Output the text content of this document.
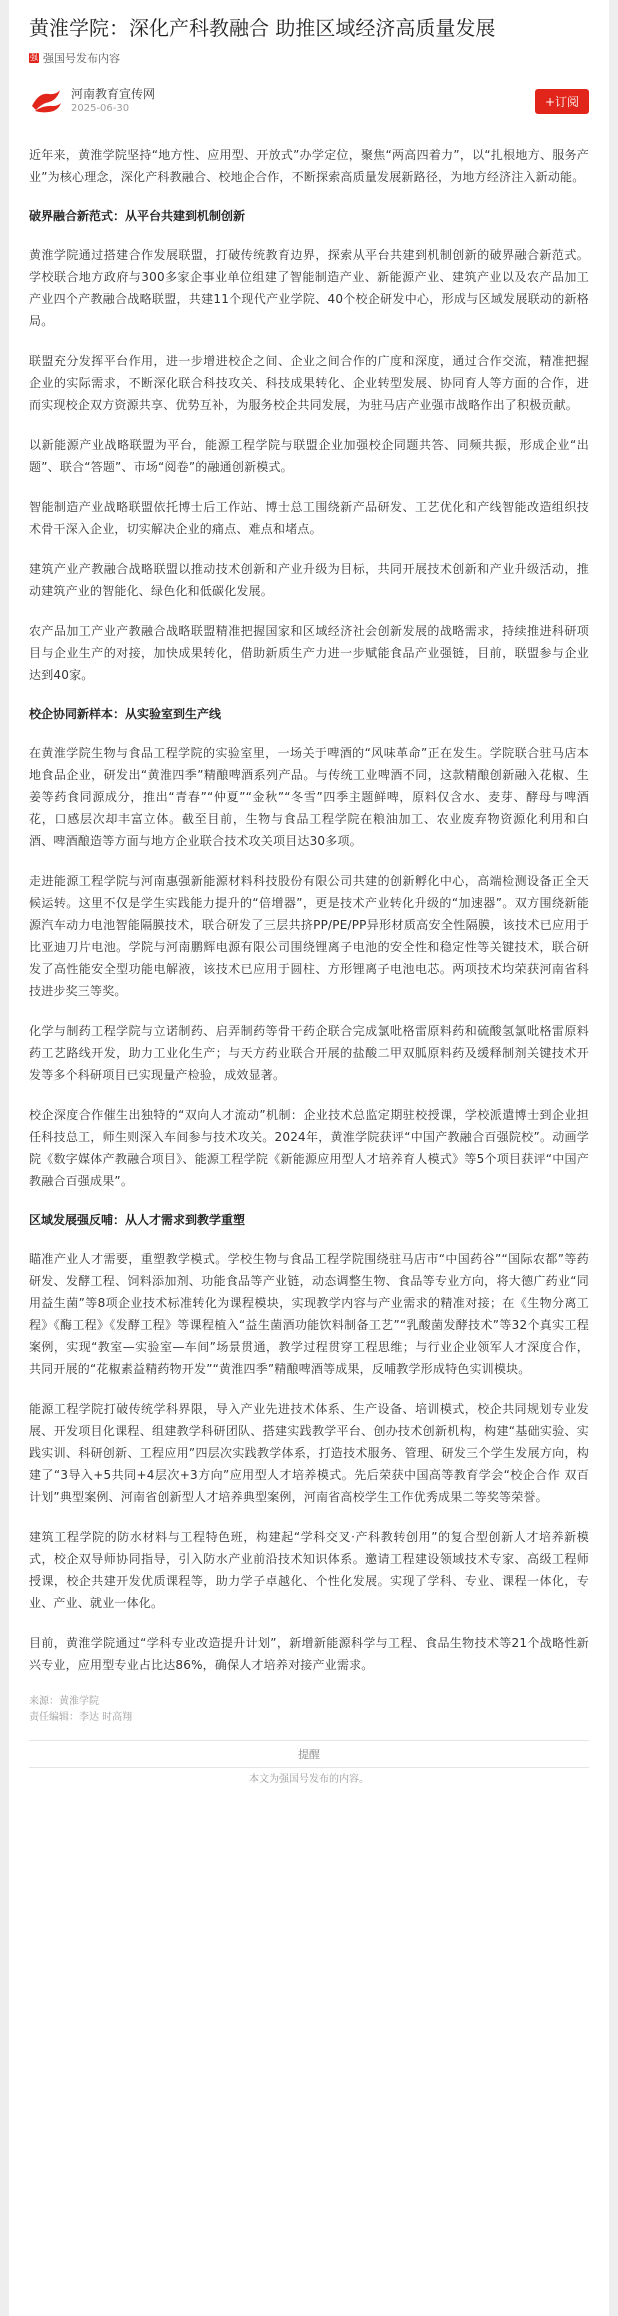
黄淮学院：深化产科教融合 助推区域经济高质量发展
强 强国号发布内容
河南教育宣传网
2025-06-30	+订阅

近年来，黄淮学院坚持“地方性、应用型、开放式”办学定位，聚焦“两高四着力”，以“扎根地方、服务产业”为核心理念，深化产科教融合、校地企合作，不断探索高质量发展新路径，为地方经济注入新动能。

破界融合新范式：从平台共建到机制创新

黄淮学院通过搭建合作发展联盟，打破传统教育边界，探索从平台共建到机制创新的破界融合新范式。学校联合地方政府与300多家企事业单位组建了智能制造产业、新能源产业、建筑产业以及农产品加工产业四个产教融合战略联盟，共建11个现代产业学院、40个校企研发中心，形成与区域发展联动的新格局。

联盟充分发挥平台作用，进一步增进校企之间、企业之间合作的广度和深度，通过合作交流，精准把握企业的实际需求，不断深化联合科技攻关、科技成果转化、企业转型发展、协同育人等方面的合作，进而实现校企双方资源共享、优势互补，为服务校企共同发展，为驻马店产业强市战略作出了积极贡献。

以新能源产业战略联盟为平台，能源工程学院与联盟企业加强校企同题共答、同频共振，形成企业“出题”、联合“答题”、市场“阅卷”的融通创新模式。

智能制造产业战略联盟依托博士后工作站、博士总工围绕新产品研发、工艺优化和产线智能改造组织技术骨干深入企业，切实解决企业的痛点、难点和堵点。

建筑产业产教融合战略联盟以推动技术创新和产业升级为目标，共同开展技术创新和产业升级活动，推动建筑产业的智能化、绿色化和低碳化发展。

农产品加工产业产教融合战略联盟精准把握国家和区域经济社会创新发展的战略需求，持续推进科研项目与企业生产的对接，加快成果转化，借助新质生产力进一步赋能食品产业强链，目前，联盟参与企业达到40家。

校企协同新样本：从实验室到生产线

在黄淮学院生物与食品工程学院的实验室里，一场关于啤酒的“风味革命”正在发生。学院联合驻马店本地食品企业，研发出“黄淮四季”精酿啤酒系列产品。与传统工业啤酒不同，这款精酿创新融入花椒、生姜等药食同源成分，推出“青春”“仲夏”“金秋”“冬雪”四季主题鲜啤，原料仅含水、麦芽、酵母与啤酒花，口感层次却丰富立体。截至目前，生物与食品工程学院在粮油加工、农业废弃物资源化利用和白酒、啤酒酿造等方面与地方企业联合技术攻关项目达30多项。

走进能源工程学院与河南惠强新能源材料科技股份有限公司共建的创新孵化中心，高端检测设备正全天候运转。这里不仅是学生实践能力提升的“倍增器”，更是技术产业转化升级的“加速器”。双方围绕新能源汽车动力电池智能隔膜技术，联合研发了三层共挤PP/PE/PP异形材质高安全性隔膜，该技术已应用于比亚迪刀片电池。学院与河南鹏辉电源有限公司围绕锂离子电池的安全性和稳定性等关键技术，联合研发了高性能安全型功能电解液，该技术已应用于圆柱、方形锂离子电池电芯。两项技术均荣获河南省科技进步奖三等奖。

化学与制药工程学院与立诺制药、启弄制药等骨干药企联合完成氯吡格雷原料药和硫酸氢氯吡格雷原料药工艺路线开发，助力工业化生产；与天方药业联合开展的盐酸二甲双胍原料药及缓释制剂关键技术开发等多个科研项目已实现量产检验，成效显著。

校企深度合作催生出独特的“双向人才流动”机制：企业技术总监定期驻校授课，学校派遣博士到企业担任科技总工，师生则深入车间参与技术攻关。2024年，黄淮学院获评“中国产教融合百强院校”。动画学院《数字媒体产教融合项目》、能源工程学院《新能源应用型人才培养育人模式》等5个项目获评“中国产教融合百强成果”。

区域发展强反哺：从人才需求到教学重塑

瞄准产业人才需要，重塑教学模式。学校生物与食品工程学院围绕驻马店市“中国药谷”“国际农都”等药研发、发酵工程、饲料添加剂、功能食品等产业链，动态调整生物、食品等专业方向，将大德广药业“同用益生菌”等8项企业技术标准转化为课程模块，实现教学内容与产业需求的精准对接；在《生物分离工程》《酶工程》《发酵工程》等课程植入“益生菌酒功能饮料制备工艺”“乳酸菌发酵技术”等32个真实工程案例，实现“教室—实验室—车间”场景贯通，教学过程贯穿工程思维；与行业企业领军人才深度合作，共同开展的“花椒素益精药物开发”“黄淮四季”精酿啤酒等成果，反哺教学形成特色实训模块。

能源工程学院打破传统学科界限，导入产业先进技术体系、生产设备、培训模式，校企共同规划专业发展、开发项目化课程、组建教学科研团队、搭建实践教学平台、创办技术创新机构，构建“基础实验、实践实训、科研创新、工程应用”四层次实践教学体系，打造技术服务、管理、研发三个学生发展方向，构建了“3导入+5共同+4层次+3方向”应用型人才培养模式。先后荣获中国高等教育学会“校企合作 双百计划”典型案例、河南省创新型人才培养典型案例，河南省高校学生工作优秀成果二等奖等荣誉。

建筑工程学院的防水材料与工程特色班，构建起“学科交叉·产科教转创用”的复合型创新人才培养新模式，校企双导师协同指导，引入防水产业前沿技术知识体系。邀请工程建设领域技术专家、高级工程师授课，校企共建开发优质课程等，助力学子卓越化、个性化发展。实现了学科、专业、课程一体化，专业、产业、就业一体化。

目前，黄淮学院通过“学科专业改造提升计划”，新增新能源科学与工程、食品生物技术等21个战略性新兴专业，应用型专业占比达86%，确保人才培养对接产业需求。

来源：黄淮学院
责任编辑：李达 时高翔
提醒
本文为强国号发布的内容。
